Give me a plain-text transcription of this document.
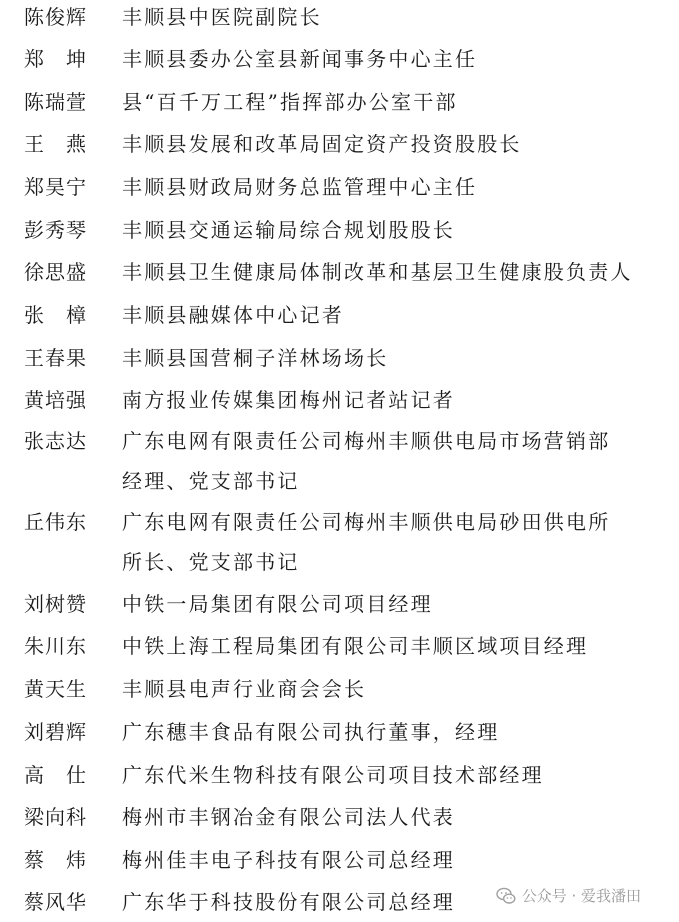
陈俊辉	丰顺县中医院副院长
郑　坤	丰顺县委办公室县新闻事务中心主任
陈瑞萱	县“百千万工程”指挥部办公室干部
王　燕	丰顺县发展和改革局固定资产投资股股长
郑昊宁	丰顺县财政局财务总监管理中心主任
彭秀琴	丰顺县交通运输局综合规划股股长
徐思盛	丰顺县卫生健康局体制改革和基层卫生健康股负责人
张　樟	丰顺县融媒体中心记者
王春果	丰顺县国营桐子洋林场场长
黄培强	南方报业传媒集团梅州记者站记者
张志达	广东电网有限责任公司梅州丰顺供电局市场营销部
经理、党支部书记
丘伟东	广东电网有限责任公司梅州丰顺供电局砂田供电所
所长、党支部书记
刘树赞	中铁一局集团有限公司项目经理
朱川东	中铁上海工程局集团有限公司丰顺区域项目经理
黄天生	丰顺县电声行业商会会长
刘碧辉	广东穗丰食品有限公司执行董事，经理
高　仕	广东代米生物科技有限公司项目技术部经理
梁向科	梅州市丰钢冶金有限公司法人代表
蔡　炜	梅州佳丰电子科技有限公司总经理
蔡风华	广东华于科技股份有限公司总经理	公众号 · 爱我潘田
